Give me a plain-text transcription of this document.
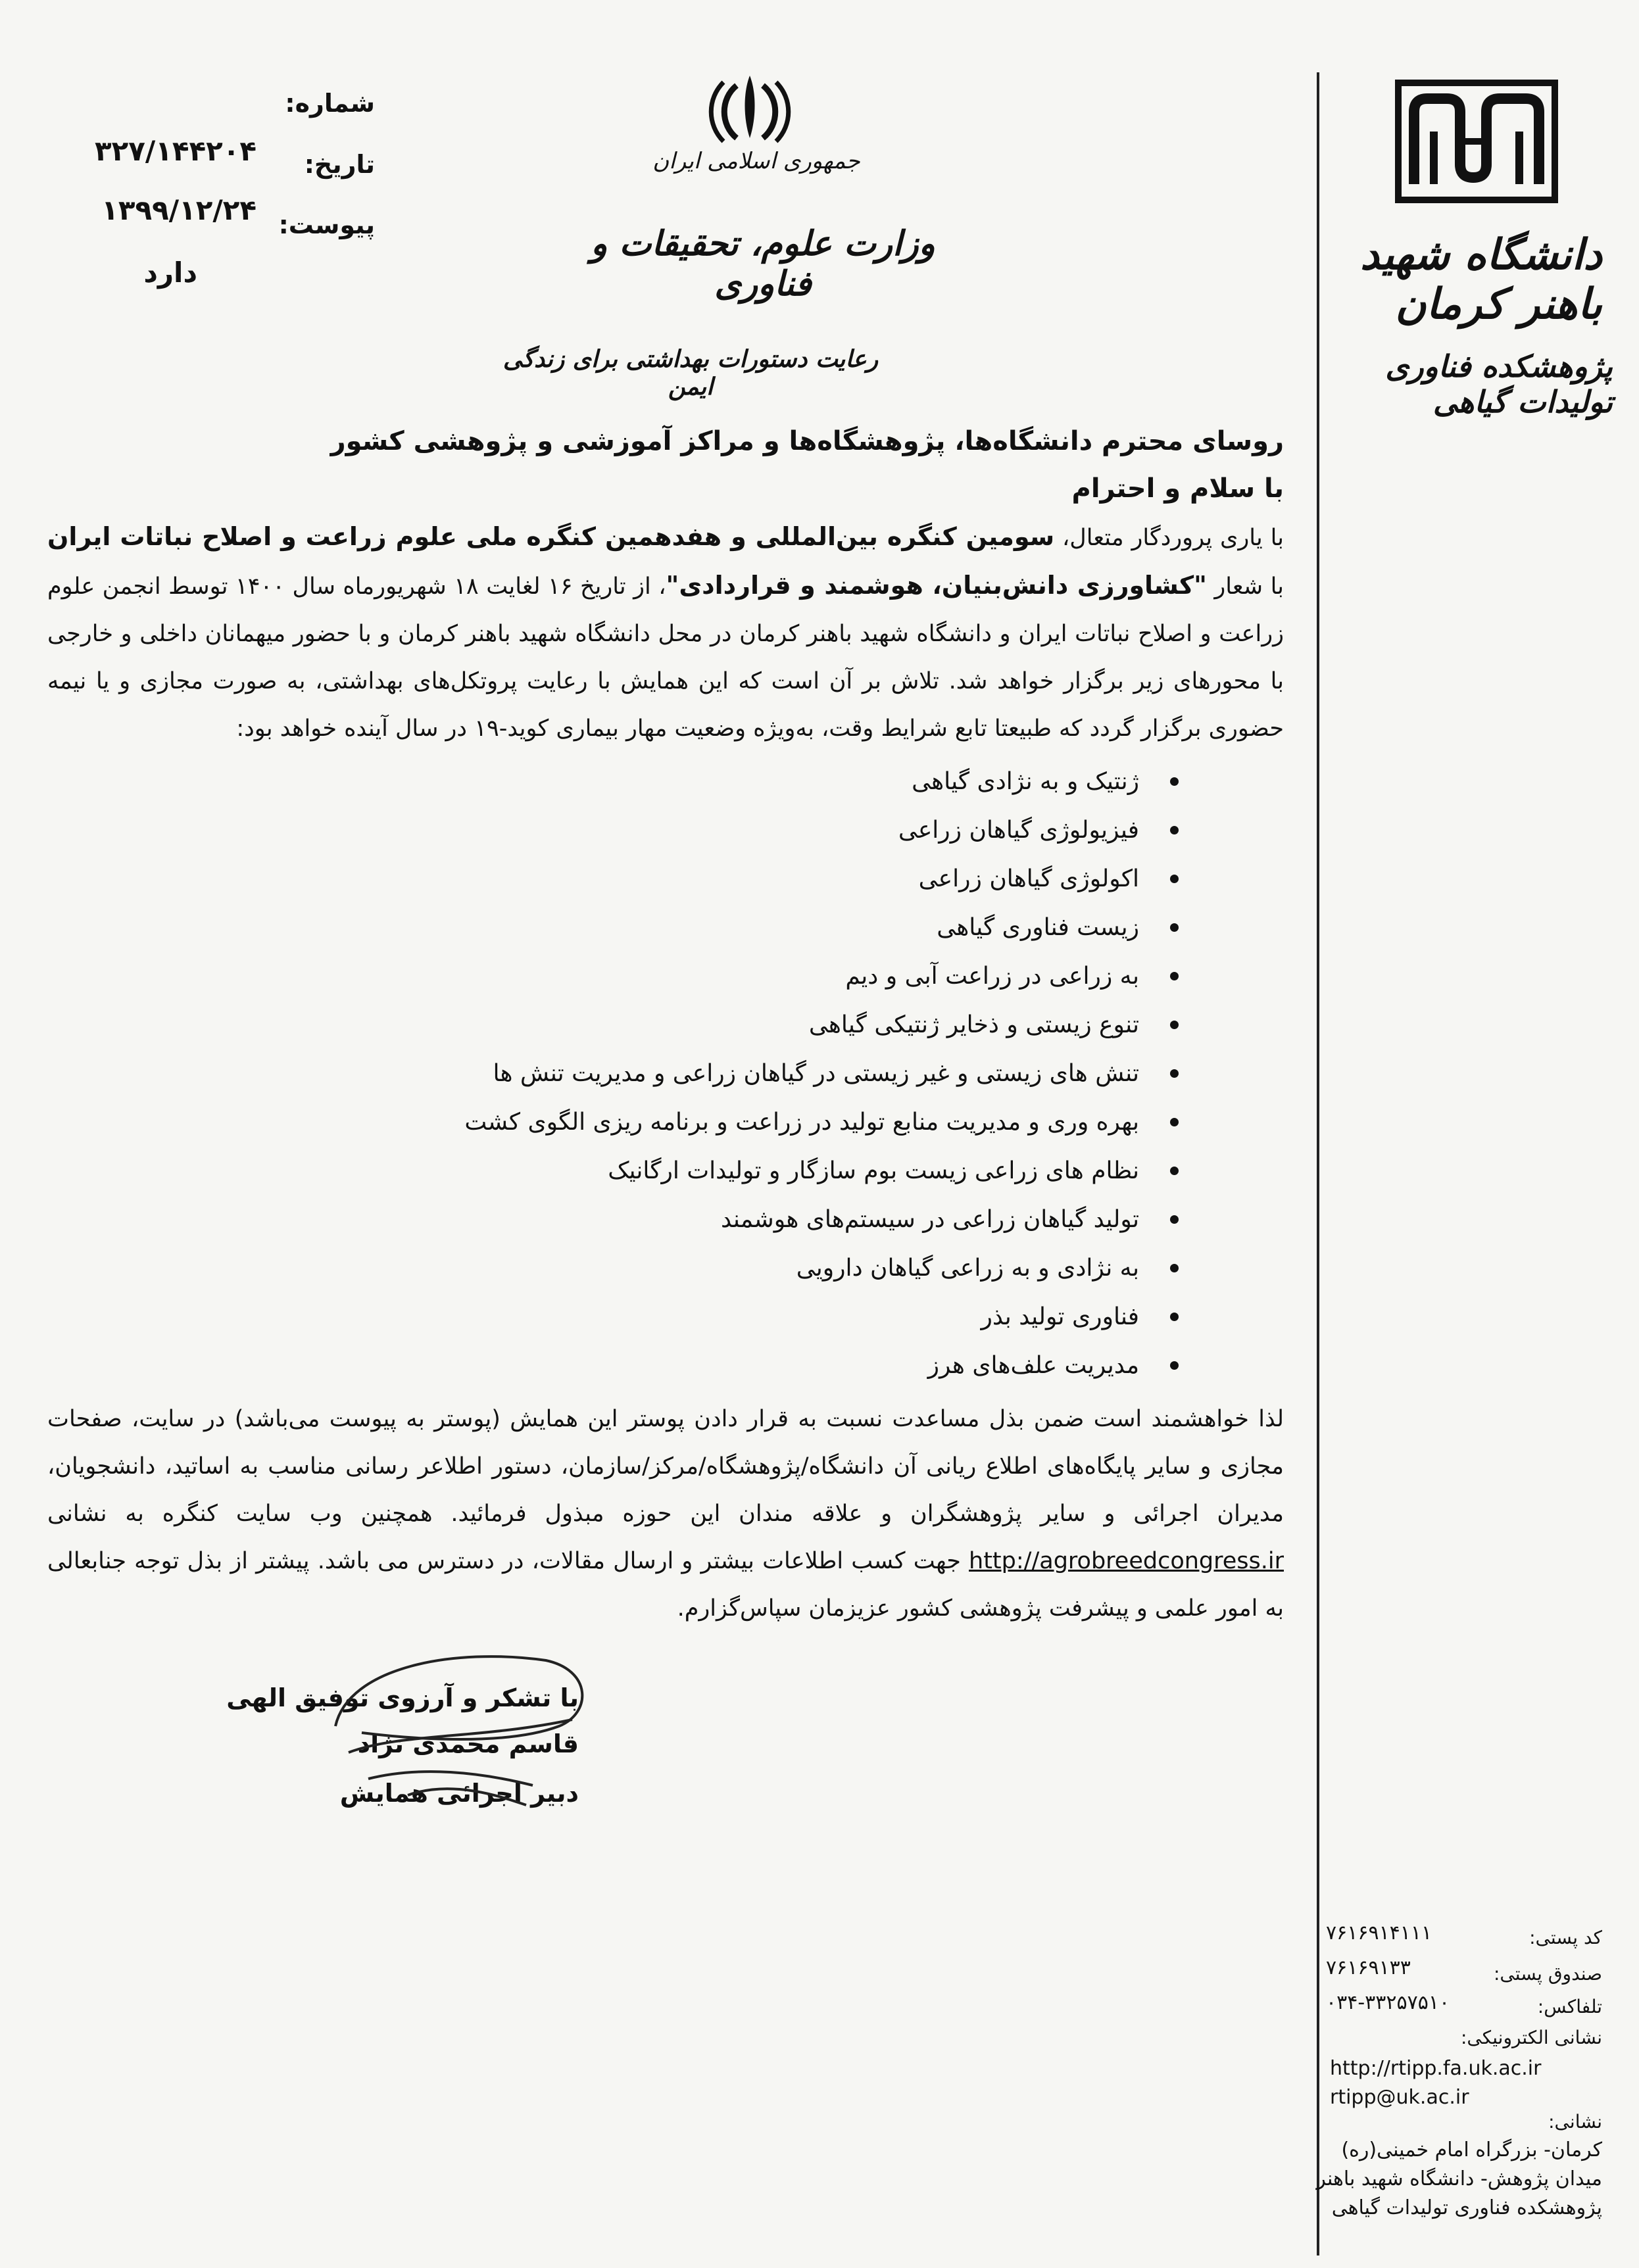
دانشگاه شهید باهنر کرمان
پژوهشکده فناوری تولیدات گیاهی
جمهوری اسلامی ایران
وزارت علوم، تحقیقات و فناوری
رعایت دستورات بهداشتی برای زندگی ایمن
شماره:
تاریخ:
پیوست:
۳۲۷/۱۴۴۲۰۴
۱۳۹۹/۱۲/۲۴
دارد
روسای محترم دانشگاه‌ها، پژوهشگاه‌ها و مراکز آموزشی و پژوهشی کشور
با سلام و احترام
با یاری پروردگار متعال، سومین کنگره بین‌المللی و هفدهمین کنگره ملی علوم زراعت و اصلاح نباتات ایران با شعار "کشاورزی دانش‌بنیان، هوشمند و قراردادی"، از تاریخ ۱۶ لغایت ۱۸ شهریورماه سال ۱۴۰۰ توسط انجمن علوم زراعت و اصلاح نباتات ایران و دانشگاه شهید باهنر کرمان در محل دانشگاه شهید باهنر کرمان و با حضور میهمانان داخلی و خارجی با محورهای زیر برگزار خواهد شد. تلاش بر آن است که این همایش با رعایت پروتکل‌های بهداشتی، به صورت مجازی و یا نیمه حضوری برگزار گردد که طبیعتا تابع شرایط وقت، به‌ویژه وضعیت مهار بیماری کوید-۱۹ در سال آینده خواهد بود:
ژنتیک و به نژادی گیاهی
فیزیولوژی گیاهان زراعی
اکولوژی گیاهان زراعی
زیست فناوری گیاهی
به زراعی در زراعت آبی و دیم
تنوع زیستی و ذخایر ژنتیکی گیاهی
تنش های زیستی و غیر زیستی در گیاهان زراعی و مدیریت تنش ها
بهره وری و مدیریت منابع تولید در زراعت و برنامه ریزی الگوی کشت
نظام های زراعی زیست بوم سازگار و تولیدات ارگانیک
تولید گیاهان زراعی در سیستم‌های هوشمند
به نژادی و به زراعی گیاهان دارویی
فناوری تولید بذر
مدیریت علف‌های هرز
لذا خواهشمند است ضمن بذل مساعدت نسبت به قرار دادن پوستر این همایش (پوستر به پیوست می‌باشد) در سایت، صفحات مجازی و سایر پایگاه‌های اطلاع ریانی آن دانشگاه/پژوهشگاه/مرکز/سازمان، دستور اطلاعر رسانی مناسب به اساتید، دانشجویان، مدیران اجرائی و سایر پژوهشگران و علاقه مندان این حوزه مبذول فرمائید. همچنین وب سایت کنگره به نشانی http://agrobreedcongress.ir جهت کسب اطلاعات بیشتر و ارسال مقالات، در دسترس می باشد. پیشتر از بذل توجه جنابعالی به امور علمی و پیشرفت پژوهشی کشور عزیزمان سپاس‌گزارم.
با تشکر و آرزوی توفیق الهی
قاسم محمدی نژاد
دبیر اجرائی همایش
کد پستی:
۷۶۱۶۹۱۴۱۱۱
صندوق پستی:
۷۶۱۶۹۱۳۳
تلفاکس:
۰۳۴-۳۳۲۵۷۵۱۰
نشانی الکترونیکی:
http://rtipp.fa.uk.ac.ir
rtipp@uk.ac.ir
نشانی:
کرمان- بزرگراه امام خمینی(ره)
میدان پژوهش- دانشگاه شهید باهنر
پژوهشکده فناوری تولیدات گیاهی
